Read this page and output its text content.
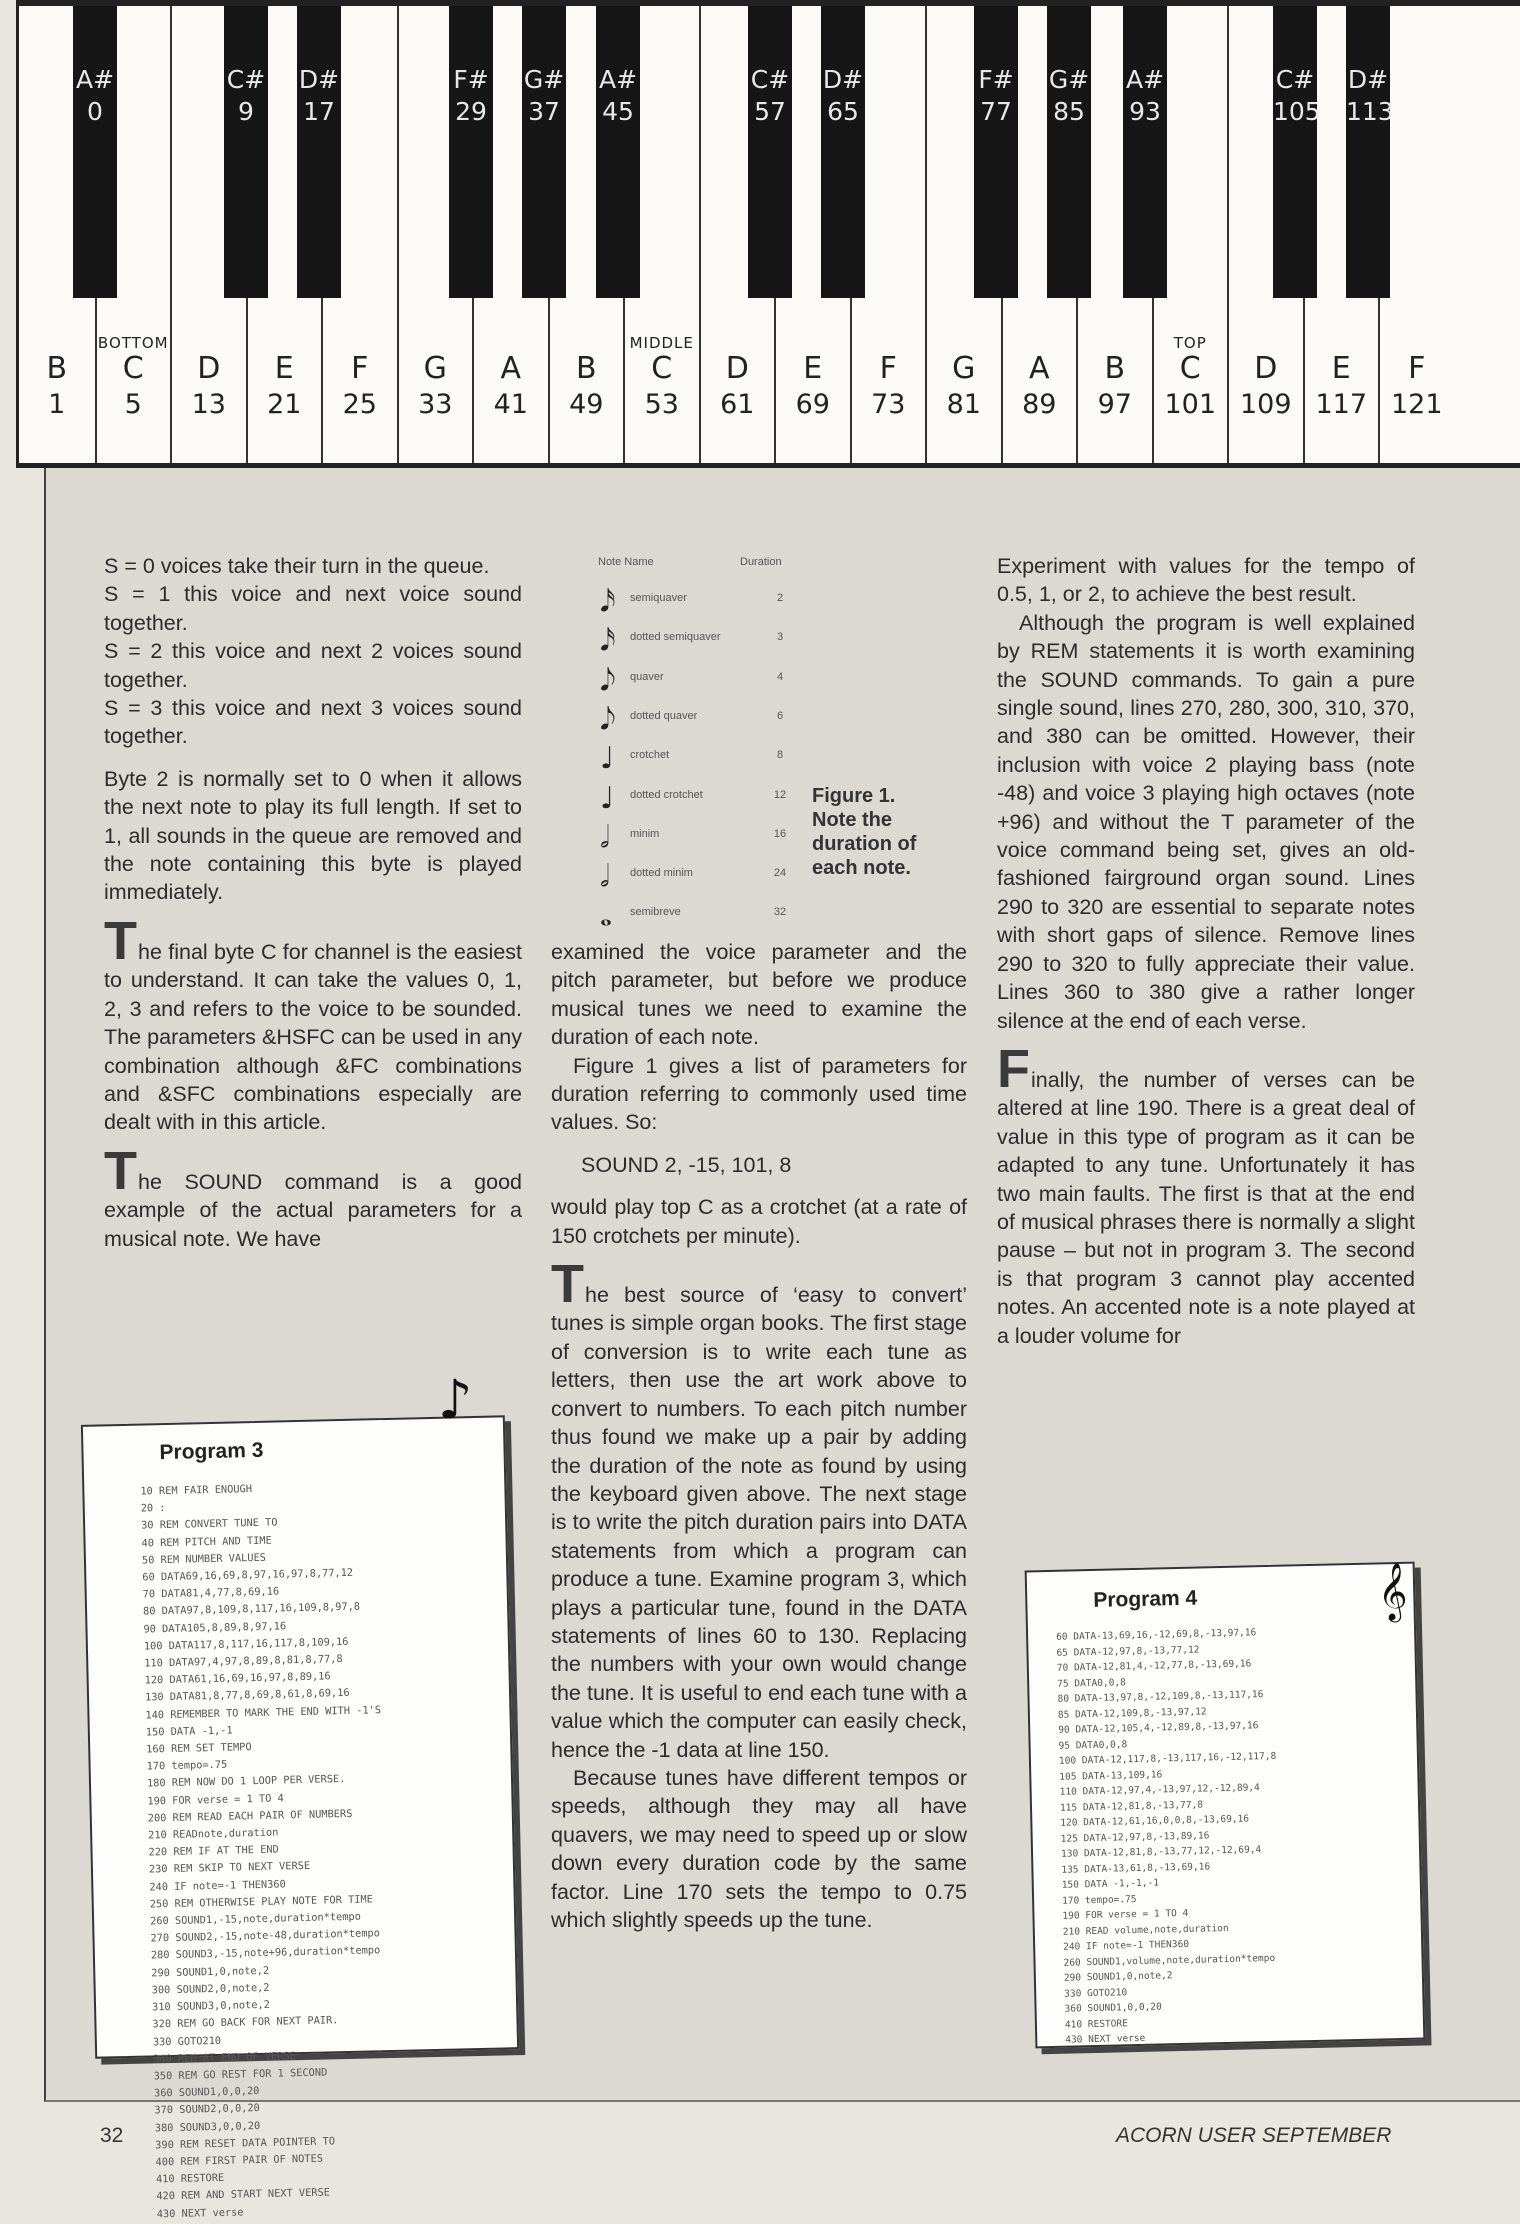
B
1
BOTTOM
C
5
D
13
E
21
F
25
G
33
A
41
B
49
MIDDLE
C
53
D
61
E
69
F
73
G
81
A
89
B
97
TOP
C
101
D
109
E
117
F
121
A#
0
C#
9
D#
17
F#
29
G#
37
A#
45
C#
57
D#
65
F#
77
G#
85
A#
93
C#
105
D#
113

S = 0 voices take their turn in the queue.

S = 1 this voice and next voice sound together.

S = 2 this voice and next 2 voices sound together.

S = 3 this voice and next 3 voices sound together.

Byte 2 is normally set to 0 when it allows the next note to play its full length. If set to 1, all sounds in the queue are removed and the note containing this byte is played immediately.

The final byte C for channel is the easiest to understand. It can take the values 0, 1, 2, 3 and refers to the voice to be sounded. The parameters &HSFC can be used in any combination although &FC combinations and &SFC combinations especially are dealt with in this article.

The SOUND command is a good example of the actual parameters for a musical note. We have

Note Name	Duration
𝅘𝅥𝅯 semiquaver	2
𝅘𝅥𝅯 dotted semiquaver	3
𝅘𝅥𝅮 quaver	4
𝅘𝅥𝅮 dotted quaver	6
♩ crotchet	8
♩ dotted crotchet	12
𝅗𝅥 minim	16
𝅗𝅥 dotted minim	24
𝅝 semibreve	32
Figure 1. Note the duration of each note.

examined the voice parameter and the pitch parameter, but before we produce musical tunes we need to examine the duration of each note.

Figure 1 gives a list of parameters for duration referring to commonly used time values. So:

SOUND 2, -15, 101, 8

would play top C as a crotchet (at a rate of 150 crotchets per minute).

The best source of ‘easy to convert’ tunes is simple organ books. The first stage of conversion is to write each tune as letters, then use the art work above to convert to numbers. To each pitch number thus found we make up a pair by adding the duration of the note as found by using the keyboard given above. The next stage is to write the pitch duration pairs into DATA statements from which a program can produce a tune. Examine program 3, which plays a particular tune, found in the DATA statements of lines 60 to 130. Replacing the numbers with your own would change the tune. It is useful to end each tune with a value which the computer can easily check, hence the -1 data at line 150.

Because tunes have different tempos or speeds, although they may all have quavers, we may need to speed up or slow down every duration code by the same factor. Line 170 sets the tempo to 0.75 which slightly speeds up the tune.

Experiment with values for the tempo of 0.5, 1, or 2, to achieve the best result.

Although the program is well explained by REM statements it is worth examining the SOUND commands. To gain a pure single sound, lines 270, 280, 300, 310, 370, and 380 can be omitted. However, their inclusion with voice 2 playing bass (note -48) and voice 3 playing high octaves (note +96) and without the T parameter of the voice command being set, gives an old-fashioned fairground organ sound. Lines 290 to 320 are essential to separate notes with short gaps of silence. Remove lines 290 to 320 to fully appreciate their value. Lines 360 to 380 give a rather longer silence at the end of each verse.

Finally, the number of verses can be altered at line 190. There is a great deal of value in this type of program as it can be adapted to any tune. Unfortunately it has two main faults. The first is that at the end of musical phrases there is normally a slight pause – but not in program 3. The second is that program 3 cannot play accented notes. An accented note is a note played at a louder volume for

Program 3
10 REM FAIR ENOUGH
20 :
30 REM CONVERT TUNE TO
40 REM PITCH AND TIME
50 REM NUMBER VALUES
60 DATA69,16,69,8,97,16,97,8,77,12
70 DATA81,4,77,8,69,16
80 DATA97,8,109,8,117,16,109,8,97,8
90 DATA105,8,89,8,97,16
100 DATA117,8,117,16,117,8,109,16
110 DATA97,4,97,8,89,8,81,8,77,8
120 DATA61,16,69,16,97,8,89,16
130 DATA81,8,77,8,69,8,61,8,69,16
140 REMEMBER TO MARK THE END WITH -1'S
150 DATA -1,-1
160 REM SET TEMPO
170 tempo=.75
180 REM NOW DO 1 LOOP PER VERSE.
190 FOR verse = 1 TO 4
200 REM READ EACH PAIR OF NUMBERS
210 READnote,duration
220 REM IF AT THE END
230 REM SKIP TO NEXT VERSE
240 IF note=-1 THEN360
250 REM OTHERWISE PLAY NOTE FOR TIME
260 SOUND1,-15,note,duration*tempo
270 SOUND2,-15,note-48,duration*tempo
280 SOUND3,-15,note+96,duration*tempo
290 SOUND1,0,note,2
300 SOUND2,0,note,2
310 SOUND3,0,note,2
320 REM GO BACK FOR NEXT PAIR.
330 GOTO210
340 REM AT END OF VERSE
350 REM GO REST FOR 1 SECOND
360 SOUND1,0,0,20
370 SOUND2,0,0,20
380 SOUND3,0,0,20
390 REM RESET DATA POINTER TO
400 REM FIRST PAIR OF NOTES
410 RESTORE
420 REM AND START NEXT VERSE
430 NEXT verse
♪
Program 4
60 DATA-13,69,16,-12,69,8,-13,97,16
65 DATA-12,97,8,-13,77,12
70 DATA-12,81,4,-12,77,8,-13,69,16
75 DATA0,0,8
80 DATA-13,97,8,-12,109,8,-13,117,16
85 DATA-12,109,8,-13,97,12
90 DATA-12,105,4,-12,89,8,-13,97,16
95 DATA0,0,8
100 DATA-12,117,8,-13,117,16,-12,117,8
105 DATA-13,109,16
110 DATA-12,97,4,-13,97,12,-12,89,4
115 DATA-12,81,8,-13,77,8
120 DATA-12,61,16,0,0,8,-13,69,16
125 DATA-12,97,8,-13,89,16
130 DATA-12,81,8,-13,77,12,-12,69,4
135 DATA-13,61,8,-13,69,16
150 DATA -1,-1,-1
170 tempo=.75
190 FOR verse = 1 TO 4
210 READ volume,note,duration
240 IF note=-1 THEN360
260 SOUND1,volume,note,duration*tempo
290 SOUND1,0,note,2
330 GOTO210
360 SOUND1,0,0,20
410 RESTORE
430 NEXT verse
𝄞
32	ACORN USER SEPTEMBER
